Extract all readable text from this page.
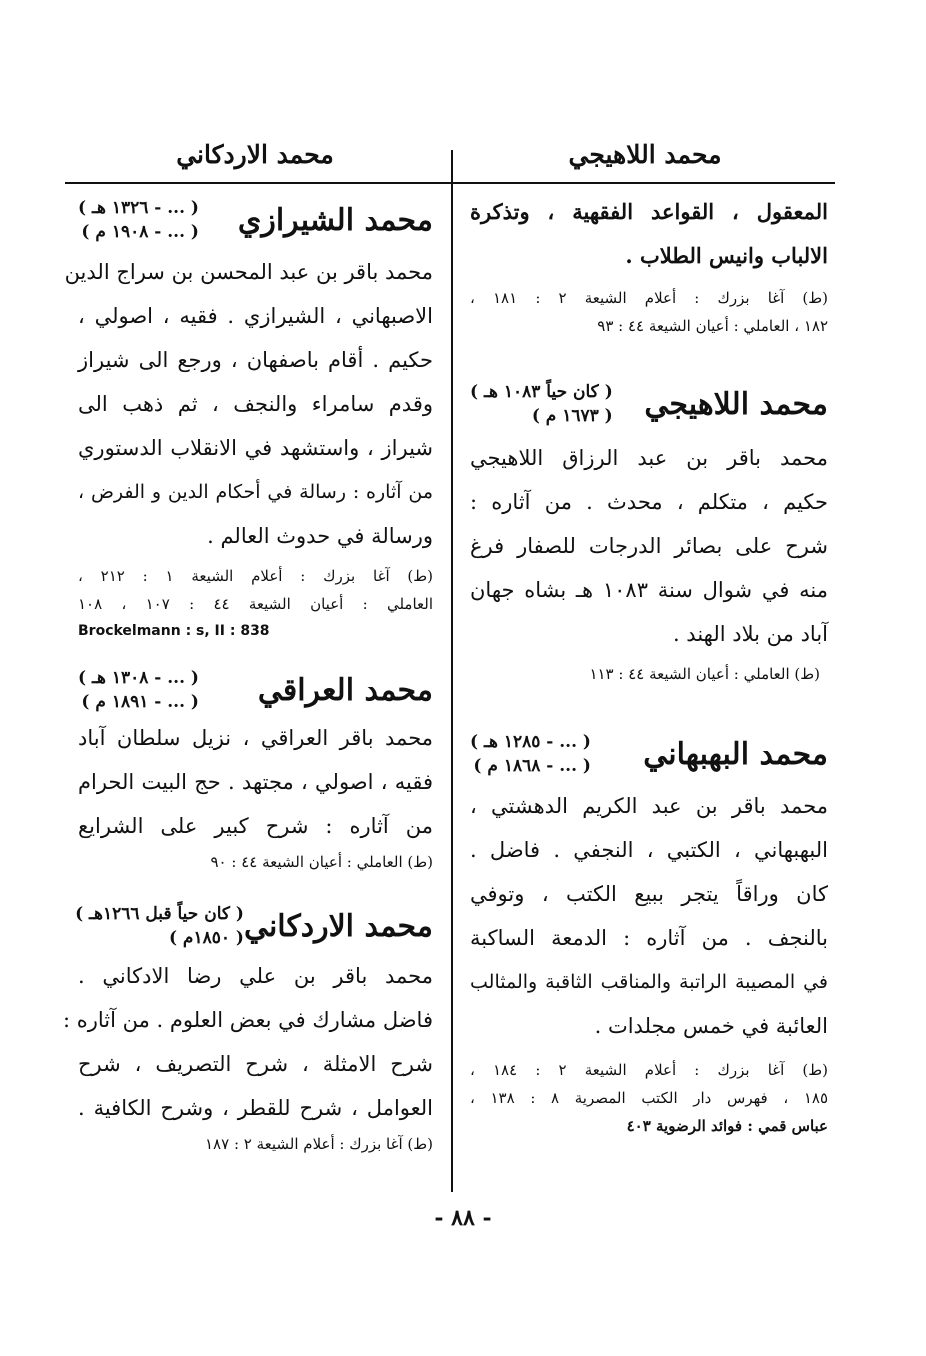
محمد اللاهيجي
محمد الاردكاني
المعقول ، القواعد الفقهية ، وتذكرة
الالباب وانيس الطلاب .
(ط) آغا بزرك : أعلام الشيعة ٢ : ١٨١ ،
١٨٢ ، العاملي : أعيان الشيعة ٤٤ : ٩٣
محمد اللاهيجي
( كان حياً ١٠٨٣ هـ )
( ١٦٧٣ م )
محمد باقر بن عبد الرزاق اللاهيجي
حكيم ، متكلم ، محدث . من آثاره :
شرح على بصائر الدرجات للصفار فرغ
منه في شوال سنة ١٠٨٣ هـ بشاه جهان
آباد من بلاد الهند .
(ط) العاملي : أعيان الشيعة ٤٤ : ١١٣
محمد البهبهاني
( ... - ١٢٨٥ هـ )
( ... - ١٨٦٨ م )
محمد باقر بن عبد الكريم الدهشتي ،
البهبهاني ، الكتبي ، النجفي . فاضل .
كان وراقاً يتجر ببيع الكتب ، وتوفي
بالنجف . من آثاره : الدمعة الساكبة
في المصيبة الراتبة والمناقب الثاقبة والمثالب
العائبة في خمس مجلدات .
(ط) آغا بزرك : أعلام الشيعة ٢ : ١٨٤ ،
١٨٥ ، فهرس دار الكتب المصرية ٨ : ١٣٨ ،
عباس قمي : فوائد الرضوية ٤٠٣
محمد الشيرازي
( ... - ١٣٢٦ هـ )
( ... - ١٩٠٨ م )
محمد باقر بن عبد المحسن بن سراج الدين
الاصبهاني ، الشيرازي . فقيه ، اصولي ،
حكيم . أقام باصفهان ، ورجع الى شيراز
وقدم سامراء والنجف ، ثم ذهب الى
شيراز ، واستشهد في الانقلاب الدستوري
من آثاره : رسالة في أحكام الدين و الفرض ،
ورسالة في حدوث العالم .
(ط) آغا بزرك : أعلام الشيعة ١ : ٢١٢ ،
العاملي : أعيان الشيعة ٤٤ : ١٠٧ ، ١٠٨
Brockelmann : s, II : 838
محمد العراقي
( ... - ١٣٠٨ هـ )
( ... - ١٨٩١ م )
محمد باقر العراقي ، نزيل سلطان آباد
فقيه ، اصولي ، مجتهد . حج البيت الحرام
من آثاره : شرح كبير على الشرايع
(ط) العاملي : أعيان الشيعة ٤٤ : ٩٠
محمد الاردكاني
( كان حياً قبل ١٢٦٦هـ )
( ١٨٥٠م )
محمد باقر بن علي رضا الادكاني .
فاضل مشارك في بعض العلوم . من آثاره :
شرح الامثلة ، شرح التصريف ، شرح
العوامل ، شرح للقطر ، وشرح الكافية .
(ط) آغا بزرك : أعلام الشيعة ٢ : ١٨٧
- ٨٨ -
